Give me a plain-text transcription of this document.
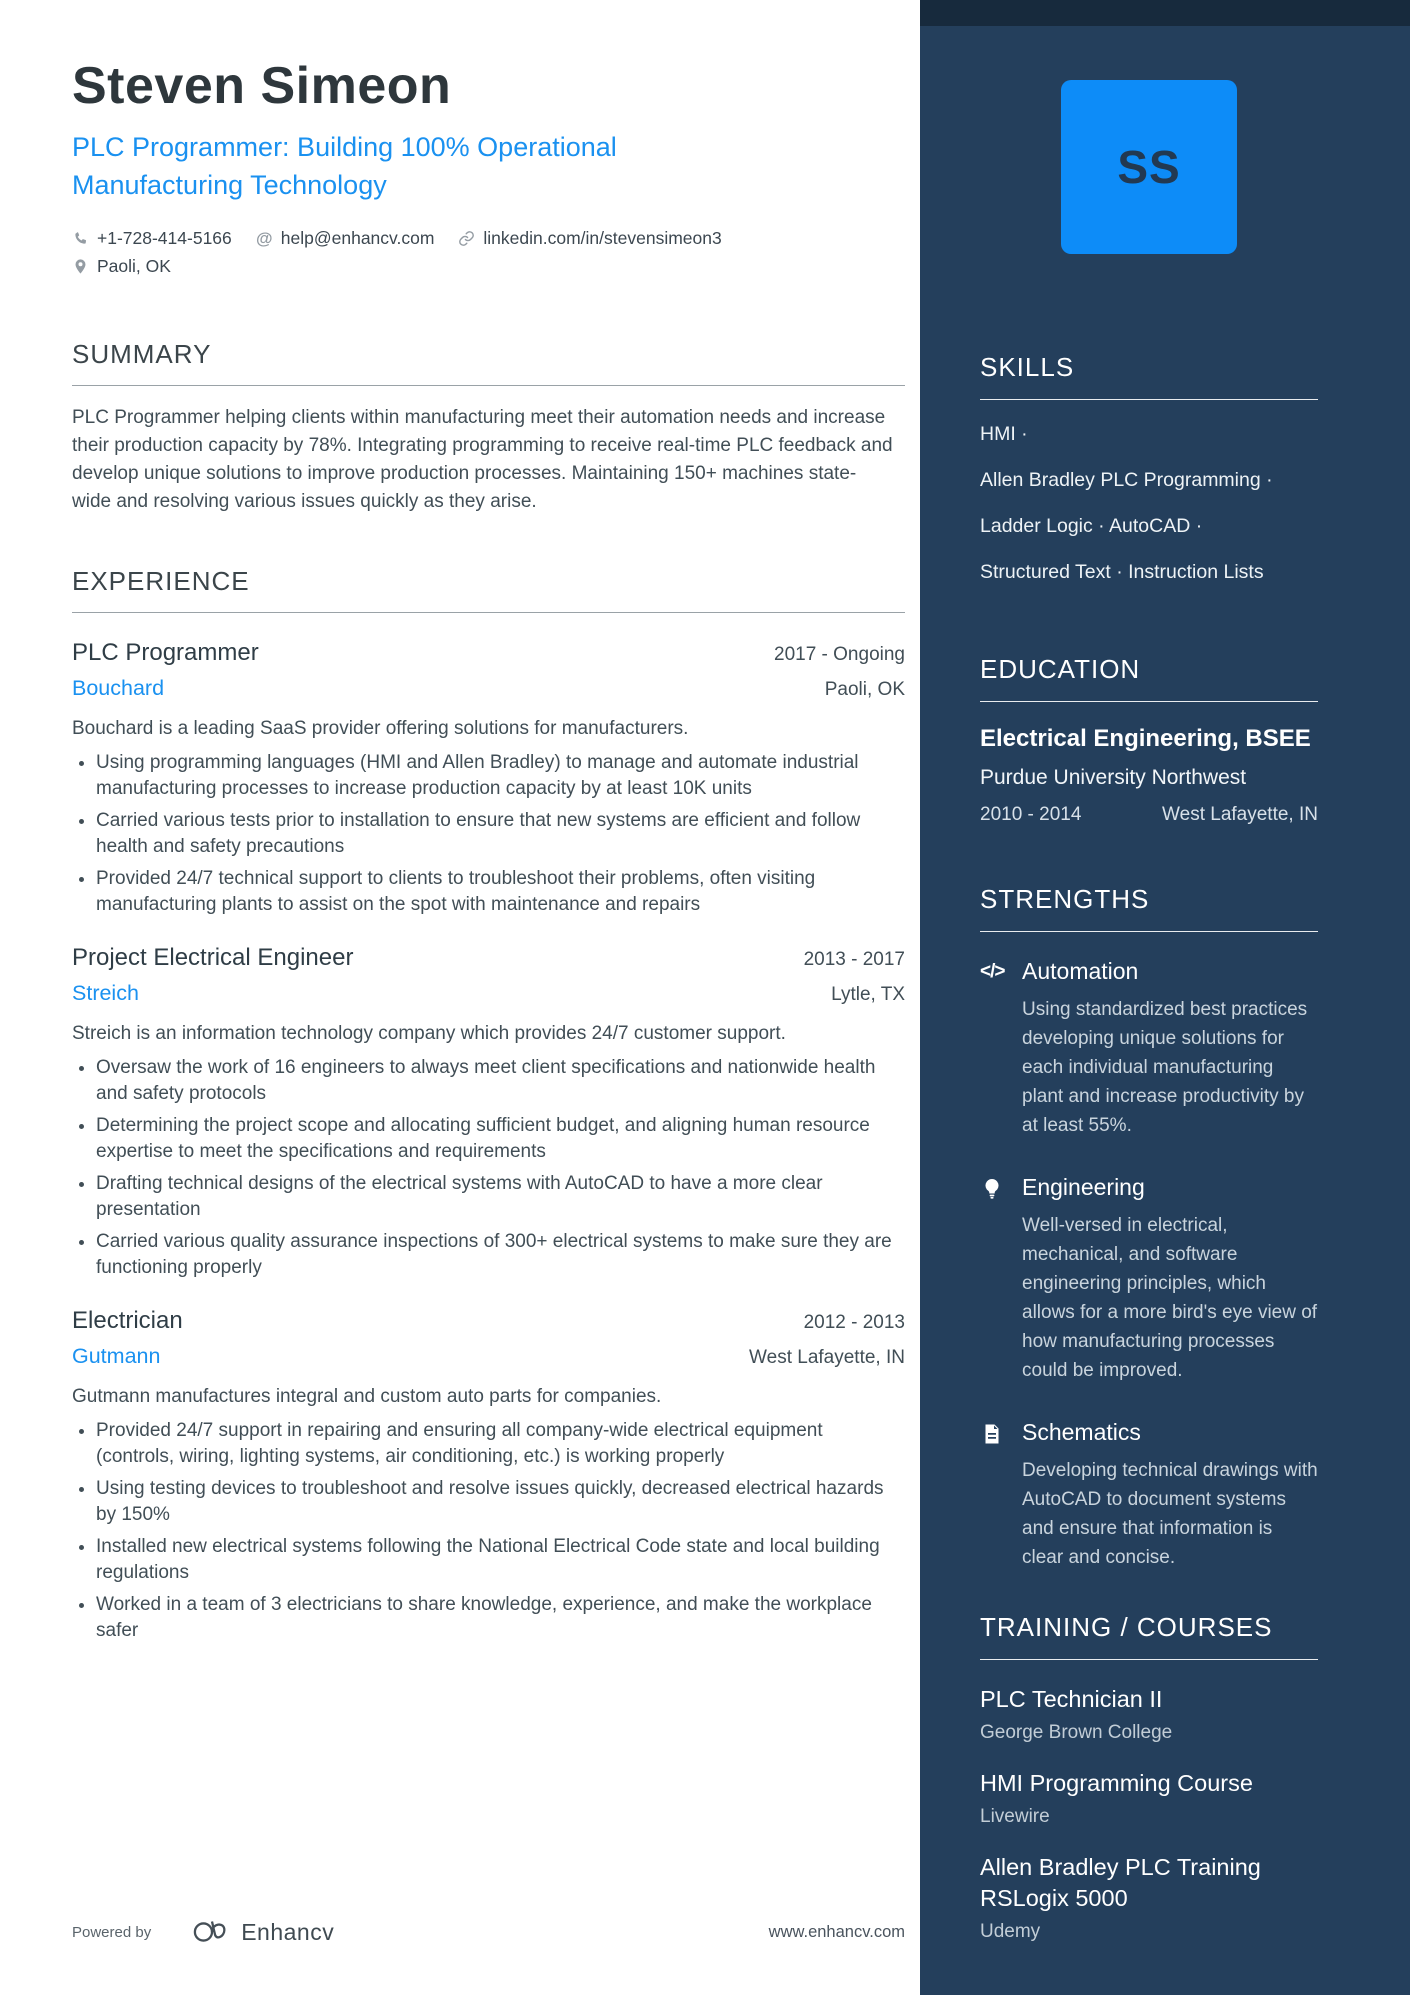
Steven Simeon
PLC Programmer: Building 100% Operational Manufacturing Technology
+1-728-414-5166 @ help@enhancv.com	linkedin.com/in/stevensimeon3
Paoli, OK
SUMMARY

PLC Programmer helping clients within manufacturing meet their automation needs and increase their production capacity by 78%. Integrating programming to receive real-time PLC feedback and develop unique solutions to improve production processes. Maintaining 150+ machines state-wide and resolving various issues quickly as they arise.

EXPERIENCE
PLC Programmer	2017 - Ongoing
Bouchard	Paoli, OK
Bouchard is a leading SaaS provider offering solutions for manufacturers.
• Using programming languages (HMI and Allen Bradley) to manage and automate industrial manufacturing processes to increase production capacity by at least 10K units
• Carried various tests prior to installation to ensure that new systems are efficient and follow health and safety precautions
• Provided 24/7 technical support to clients to troubleshoot their problems, often visiting manufacturing plants to assist on the spot with maintenance and repairs
Project Electrical Engineer	2013 - 2017
Streich	Lytle, TX
Streich is an information technology company which provides 24/7 customer support.
• Oversaw the work of 16 engineers to always meet client specifications and nationwide health and safety protocols
• Determining the project scope and allocating sufficient budget, and aligning human resource expertise to meet the specifications and requirements
• Drafting technical designs of the electrical systems with AutoCAD to have a more clear presentation
• Carried various quality assurance inspections of 300+ electrical systems to make sure they are functioning properly
Electrician	2012 - 2013
Gutmann	West Lafayette, IN
Gutmann manufactures integral and custom auto parts for companies.
• Provided 24/7 support in repairing and ensuring all company-wide electrical equipment (controls, wiring, lighting systems, air conditioning, etc.) is working properly
• Using testing devices to troubleshoot and resolve issues quickly, decreased electrical hazards by 150%
• Installed new electrical systems following the National Electrical Code state and local building regulations
• Worked in a team of 3 electricians to share knowledge, experience, and make the workplace safer
Powered by	Enhancv	www.enhancv.com
SS
SKILLS
HMI ·
Allen Bradley PLC Programming ·
Ladder Logic · AutoCAD ·
Structured Text · Instruction Lists
EDUCATION
Electrical Engineering, BSEE
Purdue University Northwest
2010 - 2014	West Lafayette, IN
STRENGTHS
</> Automation
Using standardized best practices developing unique solutions for each individual manufacturing plant and increase productivity by at least 55%.
Engineering
Well-versed in electrical, mechanical, and software engineering principles, which allows for a more bird's eye view of how manufacturing processes could be improved.
Schematics
Developing technical drawings with AutoCAD to document systems and ensure that information is clear and concise.
TRAINING / COURSES
PLC Technician II
George Brown College
HMI Programming Course
Livewire
Allen Bradley PLC Training RSLogix 5000
Udemy
